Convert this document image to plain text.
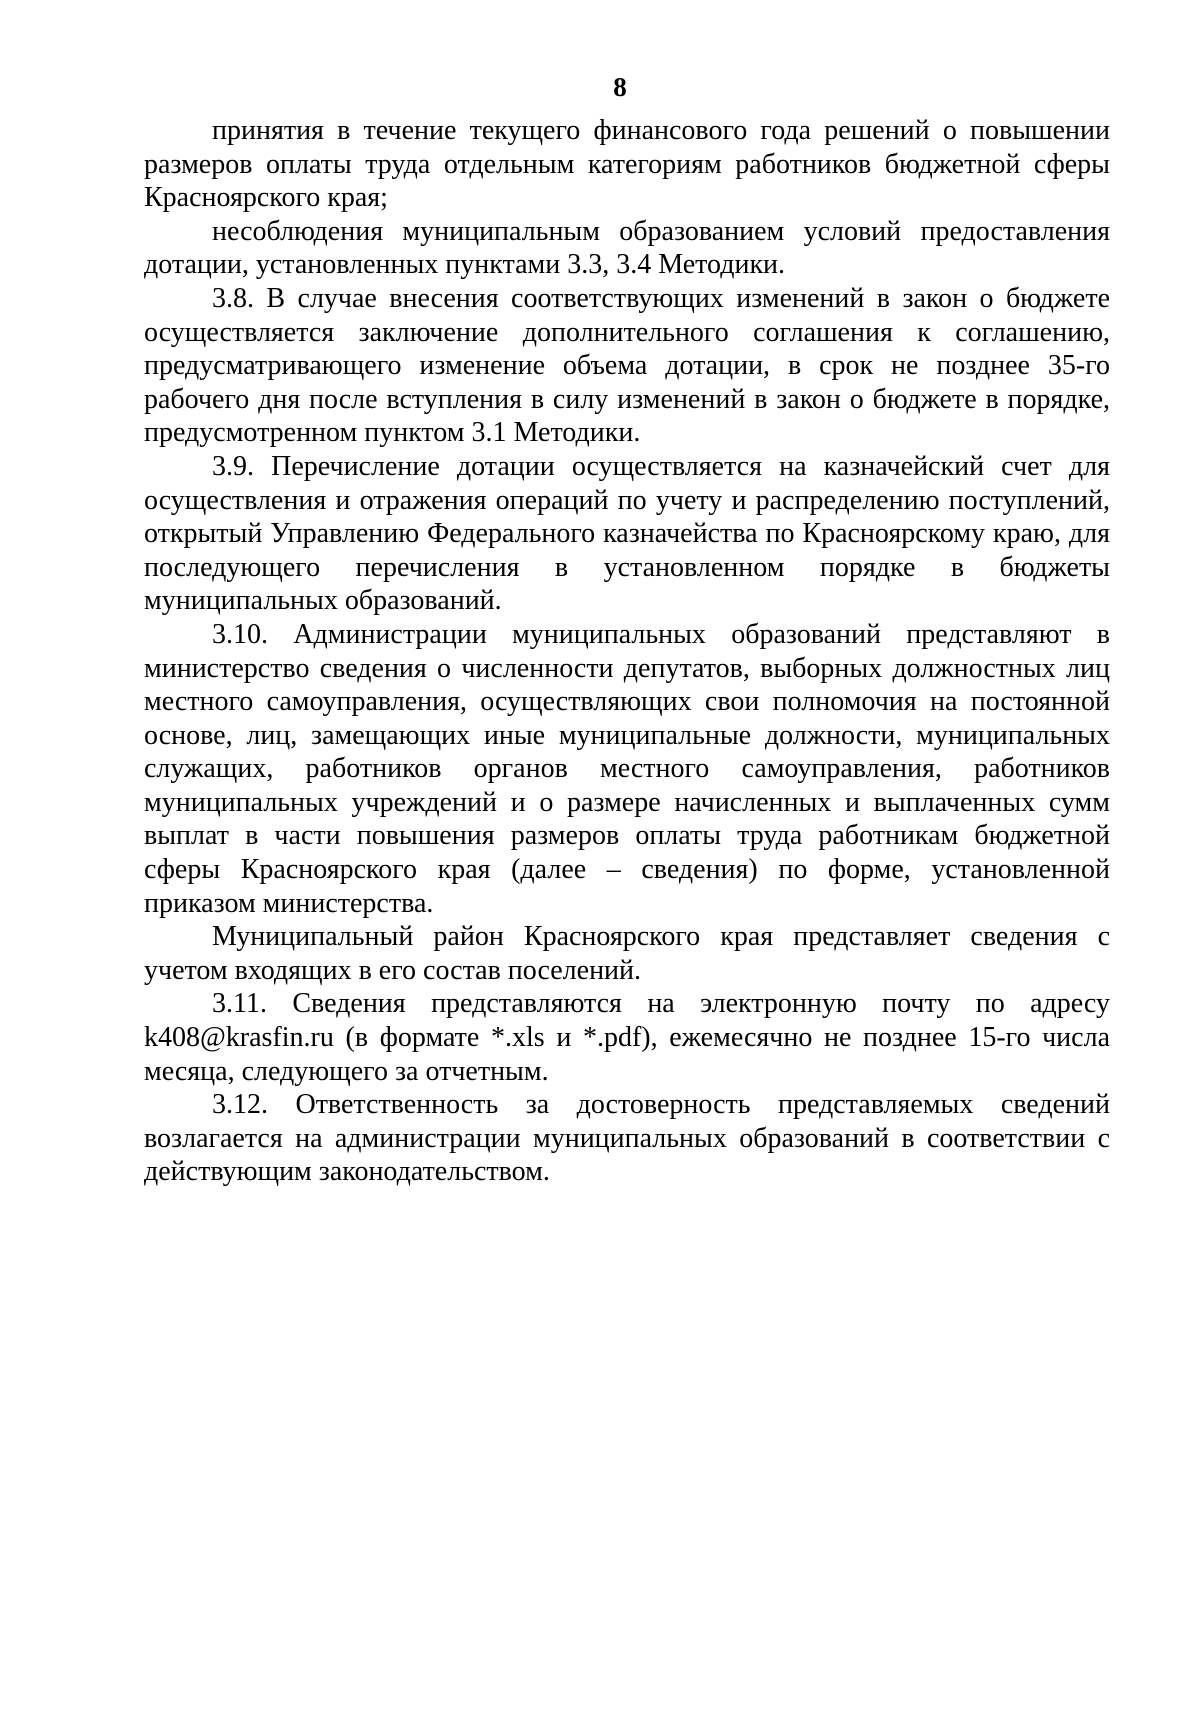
8

принятия в течение текущего финансового года решений о повышении размеров оплаты труда отдельным категориям работников бюджетной сферы Красноярского края;

несоблюдения муниципальным образованием условий предоставления дотации, установленных пунктами 3.3, 3.4 Методики.

3.8. В случае внесения соответствующих изменений в закон о бюджете осуществляется заключение дополнительного соглашения к соглашению, предусматривающего изменение объема дотации, в срок не позднее 35-го рабочего дня после вступления в силу изменений в закон о бюджете в порядке, предусмотренном пунктом 3.1 Методики.

3.9. Перечисление дотации осуществляется на казначейский счет для осуществления и отражения операций по учету и распределению поступлений, открытый Управлению Федерального казначейства по Красноярскому краю, для последующего перечисления в установленном порядке в бюджеты муниципальных образований.

3.10. Администрации муниципальных образований представляют в министерство сведения о численности депутатов, выборных должностных лиц местного самоуправления, осуществляющих свои полномочия на постоянной основе, лиц, замещающих иные муниципальные должности, муниципальных служащих, работников органов местного самоуправления, работников муниципальных учреждений и о размере начисленных и выплаченных сумм выплат в части повышения размеров оплаты труда работникам бюджетной сферы Красноярского края (далее – сведения) по форме, установленной приказом министерства.

Муниципальный район Красноярского края представляет сведения с учетом входящих в его состав поселений.

3.11. Сведения представляются на электронную почту по адресу k408@krasfin.ru (в формате *.xls и *.pdf), ежемесячно не позднее 15-го числа месяца, следующего за отчетным.

3.12. Ответственность за достоверность представляемых сведений возлагается на администрации муниципальных образований в соответствии с действующим законодательством.
